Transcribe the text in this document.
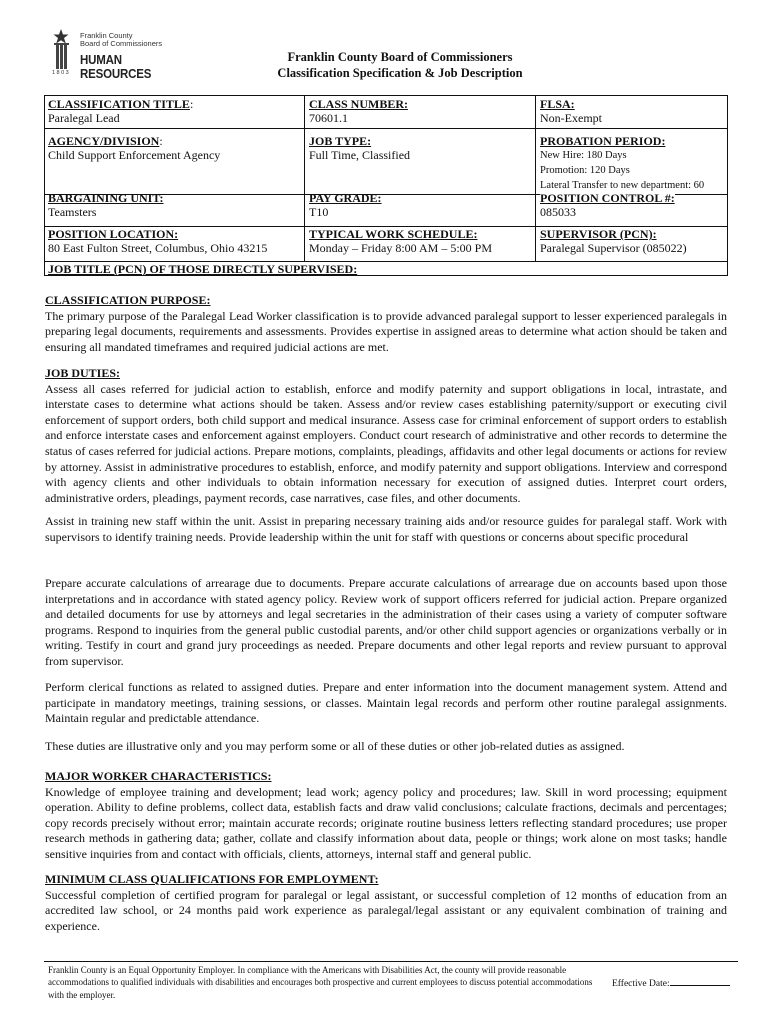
Franklin County
Board of Commissioners
HUMAN RESOURCES
1803
Franklin County Board of Commissioners
Classification Specification & Job Description
CLASSIFICATION TITLE:
Paralegal Lead
CLASS NUMBER:
70601.1
FLSA:
Non-Exempt
AGENCY/DIVISION:
Child Support Enforcement Agency
JOB TYPE:
Full Time, Classified
PROBATION PERIOD:

New Hire: 180 Days
Promotion: 120 Days
Lateral Transfer to new department: 60
BARGAINING UNIT:
Teamsters
PAY GRADE:
T10
POSITION CONTROL #:
085033
POSITION LOCATION:
80 East Fulton Street, Columbus, Ohio 43215
TYPICAL WORK SCHEDULE:
Monday – Friday 8:00 AM – 5:00 PM
SUPERVISOR (PCN):
Paralegal Supervisor (085022)
JOB TITLE (PCN) OF THOSE DIRECTLY SUPERVISED:
CLASSIFICATION PURPOSE:
The primary purpose of the Paralegal Lead Worker classification is to provide advanced paralegal support to lesser experienced paralegals in preparing legal documents, requirements and assessments. Provides expertise in assigned areas to determine what action should be taken and ensuring all mandated timeframes and required judicial actions are met.
JOB DUTIES:
Assess all cases referred for judicial action to establish, enforce and modify paternity and support obligations in local, intrastate, and interstate cases to determine what actions should be taken. Assess and/or review cases establishing paternity/support or executing civil enforcement of support orders, both child support and medical insurance. Assess case for criminal enforcement of support orders to establish and enforce interstate cases and enforcement against employers. Conduct court research of administrative and other records to determine the status of cases referred for judicial actions. Prepare motions, complaints, pleadings, affidavits and other legal documents or actions for review by attorney. Assist in administrative procedures to establish, enforce, and modify paternity and support obligations. Interview and correspond with agency clients and other individuals to obtain information necessary for execution of assigned duties. Interpret court orders, administrative orders, pleadings, payment records, case narratives, case files, and other documents.
Assist in training new staff within the unit. Assist in preparing necessary training aids and/or resource guides for paralegal staff. Work with supervisors to identify training needs. Provide leadership within the unit for staff with questions or concerns about specific procedural
Prepare accurate calculations of arrearage due to documents. Prepare accurate calculations of arrearage due on accounts based upon those interpretations and in accordance with stated agency policy. Review work of support officers referred for judicial action. Prepare organized and detailed documents for use by attorneys and legal secretaries in the administration of their cases using a variety of computer software programs. Respond to inquiries from the general public custodial parents, and/or other child support agencies or organizations verbally or in writing. Testify in court and grand jury proceedings as needed. Prepare documents and other legal reports and review pursuant to approval from supervisor.
Perform clerical functions as related to assigned duties. Prepare and enter information into the document management system. Attend and participate in mandatory meetings, training sessions, or classes. Maintain legal records and perform other routine paralegal assignments. Maintain regular and predictable attendance.
These duties are illustrative only and you may perform some or all of these duties or other job-related duties as assigned.
MAJOR WORKER CHARACTERISTICS:
Knowledge of employee training and development; lead work; agency policy and procedures; law. Skill in word processing; equipment operation. Ability to define problems, collect data, establish facts and draw valid conclusions; calculate fractions, decimals and percentages; copy records precisely without error; maintain accurate records; originate routine business letters reflecting standard procedures; use proper research methods in gathering data; gather, collate and classify information about data, people or things; work alone on most tasks; handle sensitive inquiries from and contact with officials, clients, attorneys, internal staff and general public.
MINIMUM CLASS QUALIFICATIONS FOR EMPLOYMENT:
Successful completion of certified program for paralegal or legal assistant, or successful completion of 12 months of education from an accredited law school, or 24 months paid work experience as paralegal/legal assistant or any equivalent combination of training and experience.
Franklin County is an Equal Opportunity Employer. In compliance with the Americans with Disabilities Act, the county will provide reasonable accommodations to qualified individuals with disabilities and encourages both prospective and current employees to discuss potential accommodations with the employer.
Effective Date:
